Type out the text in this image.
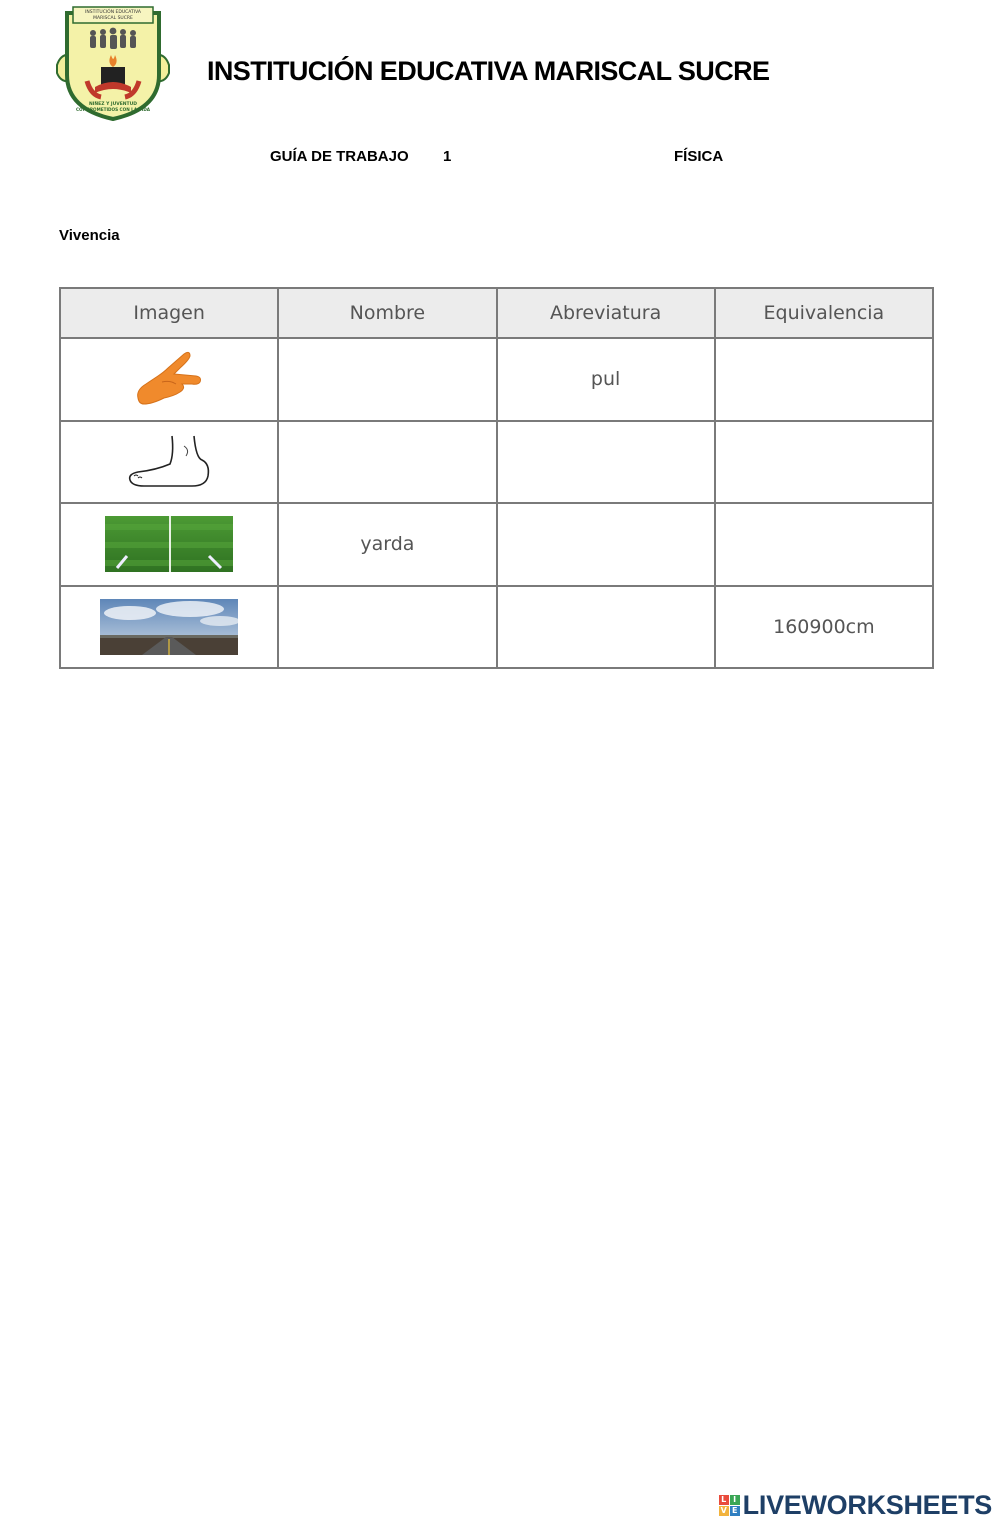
INSTITUCIÓN EDUCATIVA
MARISCAL SUCRE
NIÑEZ Y JUVENTUD
COMPROMETIDOS CON LA VIDA
INSTITUCIÓN EDUCATIVA MARISCAL SUCRE
GUÍA DE TRABAJO 1	FÍSICA
Vivencia
Imagen	Nombre	Abreviatura	Equivalencia

		pul	

	yarda		

			160900cm
L I
V E LIVEWORKSHEETS
